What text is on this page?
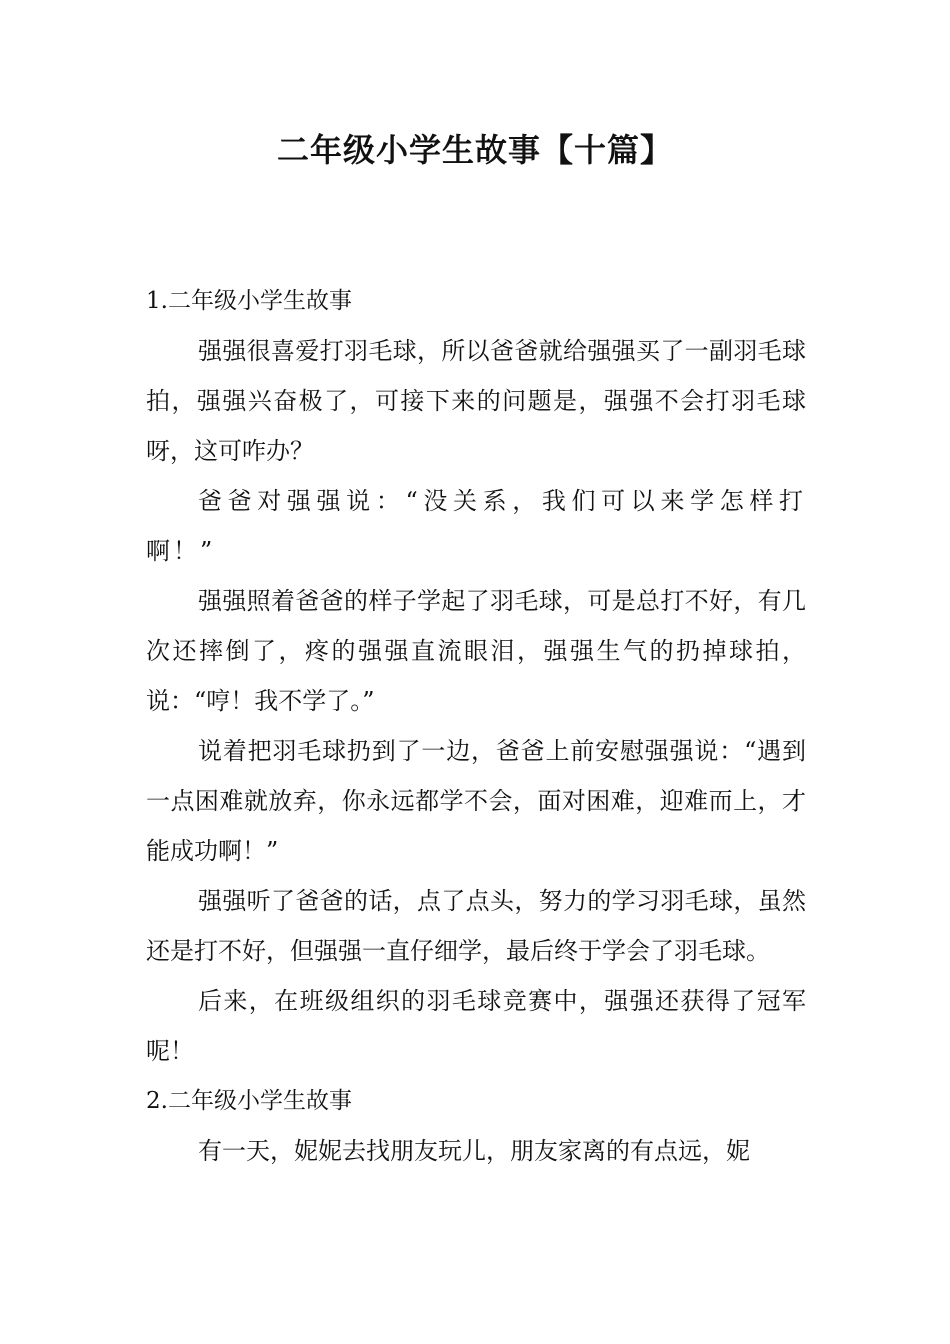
二年级小学生故事【十篇】

1.二年级小学生故事

强强很喜爱打羽毛球，所以爸爸就给强强买了一副羽毛球拍，强强兴奋极了，可接下来的问题是，强强不会打羽毛球呀，这可咋办？

爸爸对强强说：“没关系，我们可以来学怎样打啊！”

强强照着爸爸的样子学起了羽毛球，可是总打不好，有几次还摔倒了，疼的强强直流眼泪，强强生气的扔掉球拍，说：“哼！我不学了。”

说着把羽毛球扔到了一边，爸爸上前安慰强强说：“遇到一点困难就放弃，你永远都学不会，面对困难，迎难而上，才能成功啊！”

强强听了爸爸的话，点了点头，努力的学习羽毛球，虽然还是打不好，但强强一直仔细学，最后终于学会了羽毛球。

后来，在班级组织的羽毛球竞赛中，强强还获得了冠军呢！

2.二年级小学生故事

有一天，妮妮去找朋友玩儿，朋友家离的有点远，妮
